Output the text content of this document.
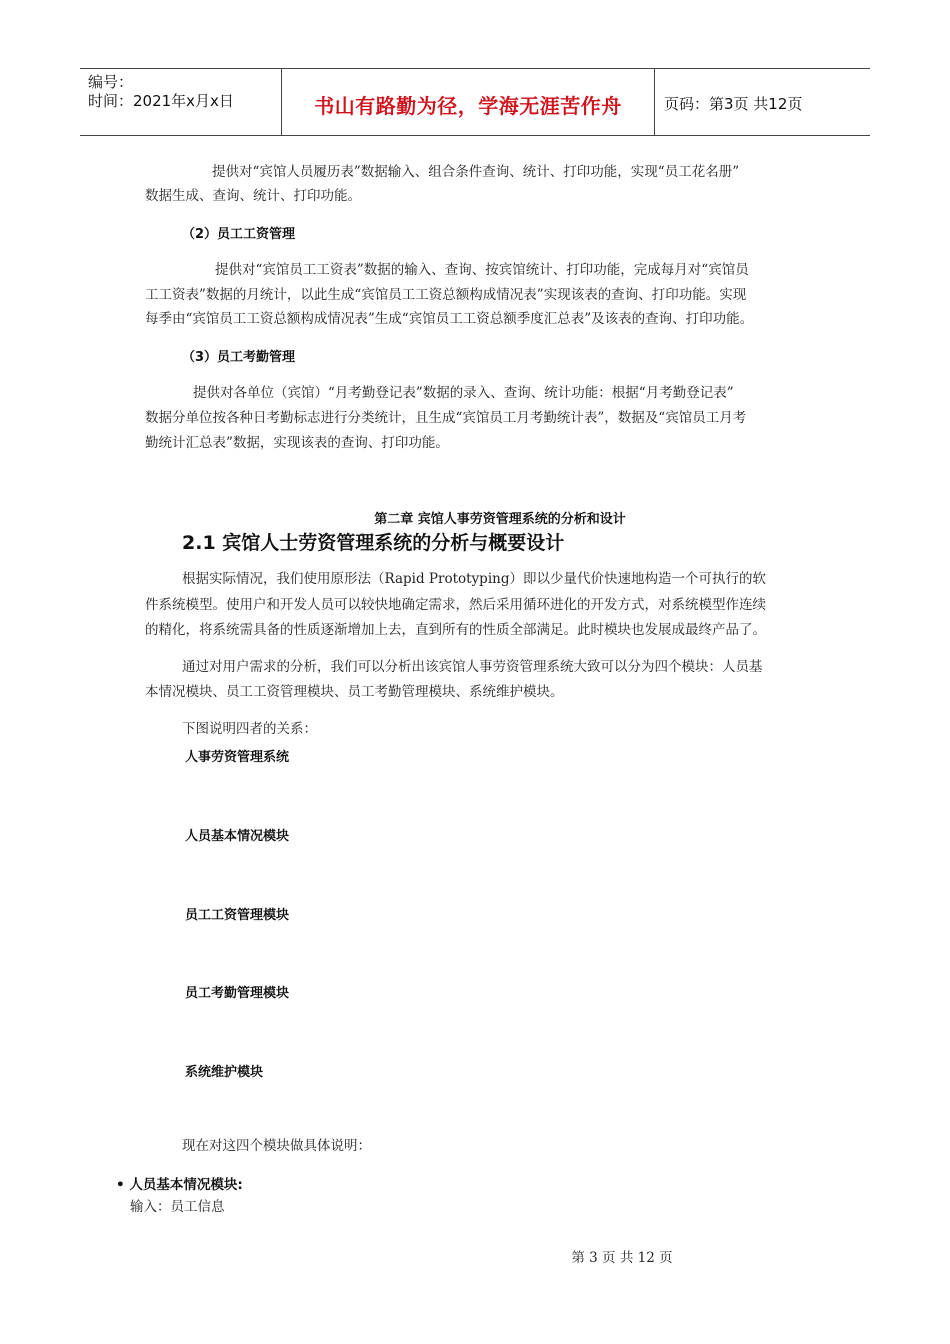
编号：
时间：2021年x月x日	书山有路勤为径，学海无涯苦作舟	页码：第3页 共12页
提供对“宾馆人员履历表”数据输入、组合条件查询、统计、打印功能，实现“员工花名册”
数据生成、查询、统计、打印功能。
（2）员工工资管理
提供对“宾馆员工工资表”数据的输入、查询、按宾馆统计、打印功能，完成每月对“宾馆员
工工资表”数据的月统计，以此生成“宾馆员工工资总额构成情况表”实现该表的查询、打印功能。实现
每季由“宾馆员工工资总额构成情况表”生成“宾馆员工工资总额季度汇总表”及该表的查询、打印功能。
（3）员工考勤管理
提供对各单位（宾馆）“月考勤登记表”数据的录入、查询、统计功能：根据“月考勤登记表”
数据分单位按各种日考勤标志进行分类统计，且生成“宾馆员工月考勤统计表”，数据及“宾馆员工月考
勤统计汇总表”数据，实现该表的查询、打印功能。
第二章 宾馆人事劳资管理系统的分析和设计
2.1 宾馆人士劳资管理系统的分析与概要设计
根据实际情况，我们使用原形法（Rapid Prototyping）即以少量代价快速地构造一个可执行的软
件系统模型。使用户和开发人员可以较快地确定需求，然后采用循环进化的开发方式，对系统模型作连续
的精化，将系统需具备的性质逐渐增加上去，直到所有的性质全部满足。此时模块也发展成最终产品了。
通过对用户需求的分析，我们可以分析出该宾馆人事劳资管理系统大致可以分为四个模块：人员基
本情况模块、员工工资管理模块、员工考勤管理模块、系统维护模块。
下图说明四者的关系：
人事劳资管理系统
人员基本情况模块
员工工资管理模块
员工考勤管理模块
系统维护模块
现在对这四个模块做具体说明：
• 人员基本情况模块:
输入：员工信息
第 3 页 共 12 页
